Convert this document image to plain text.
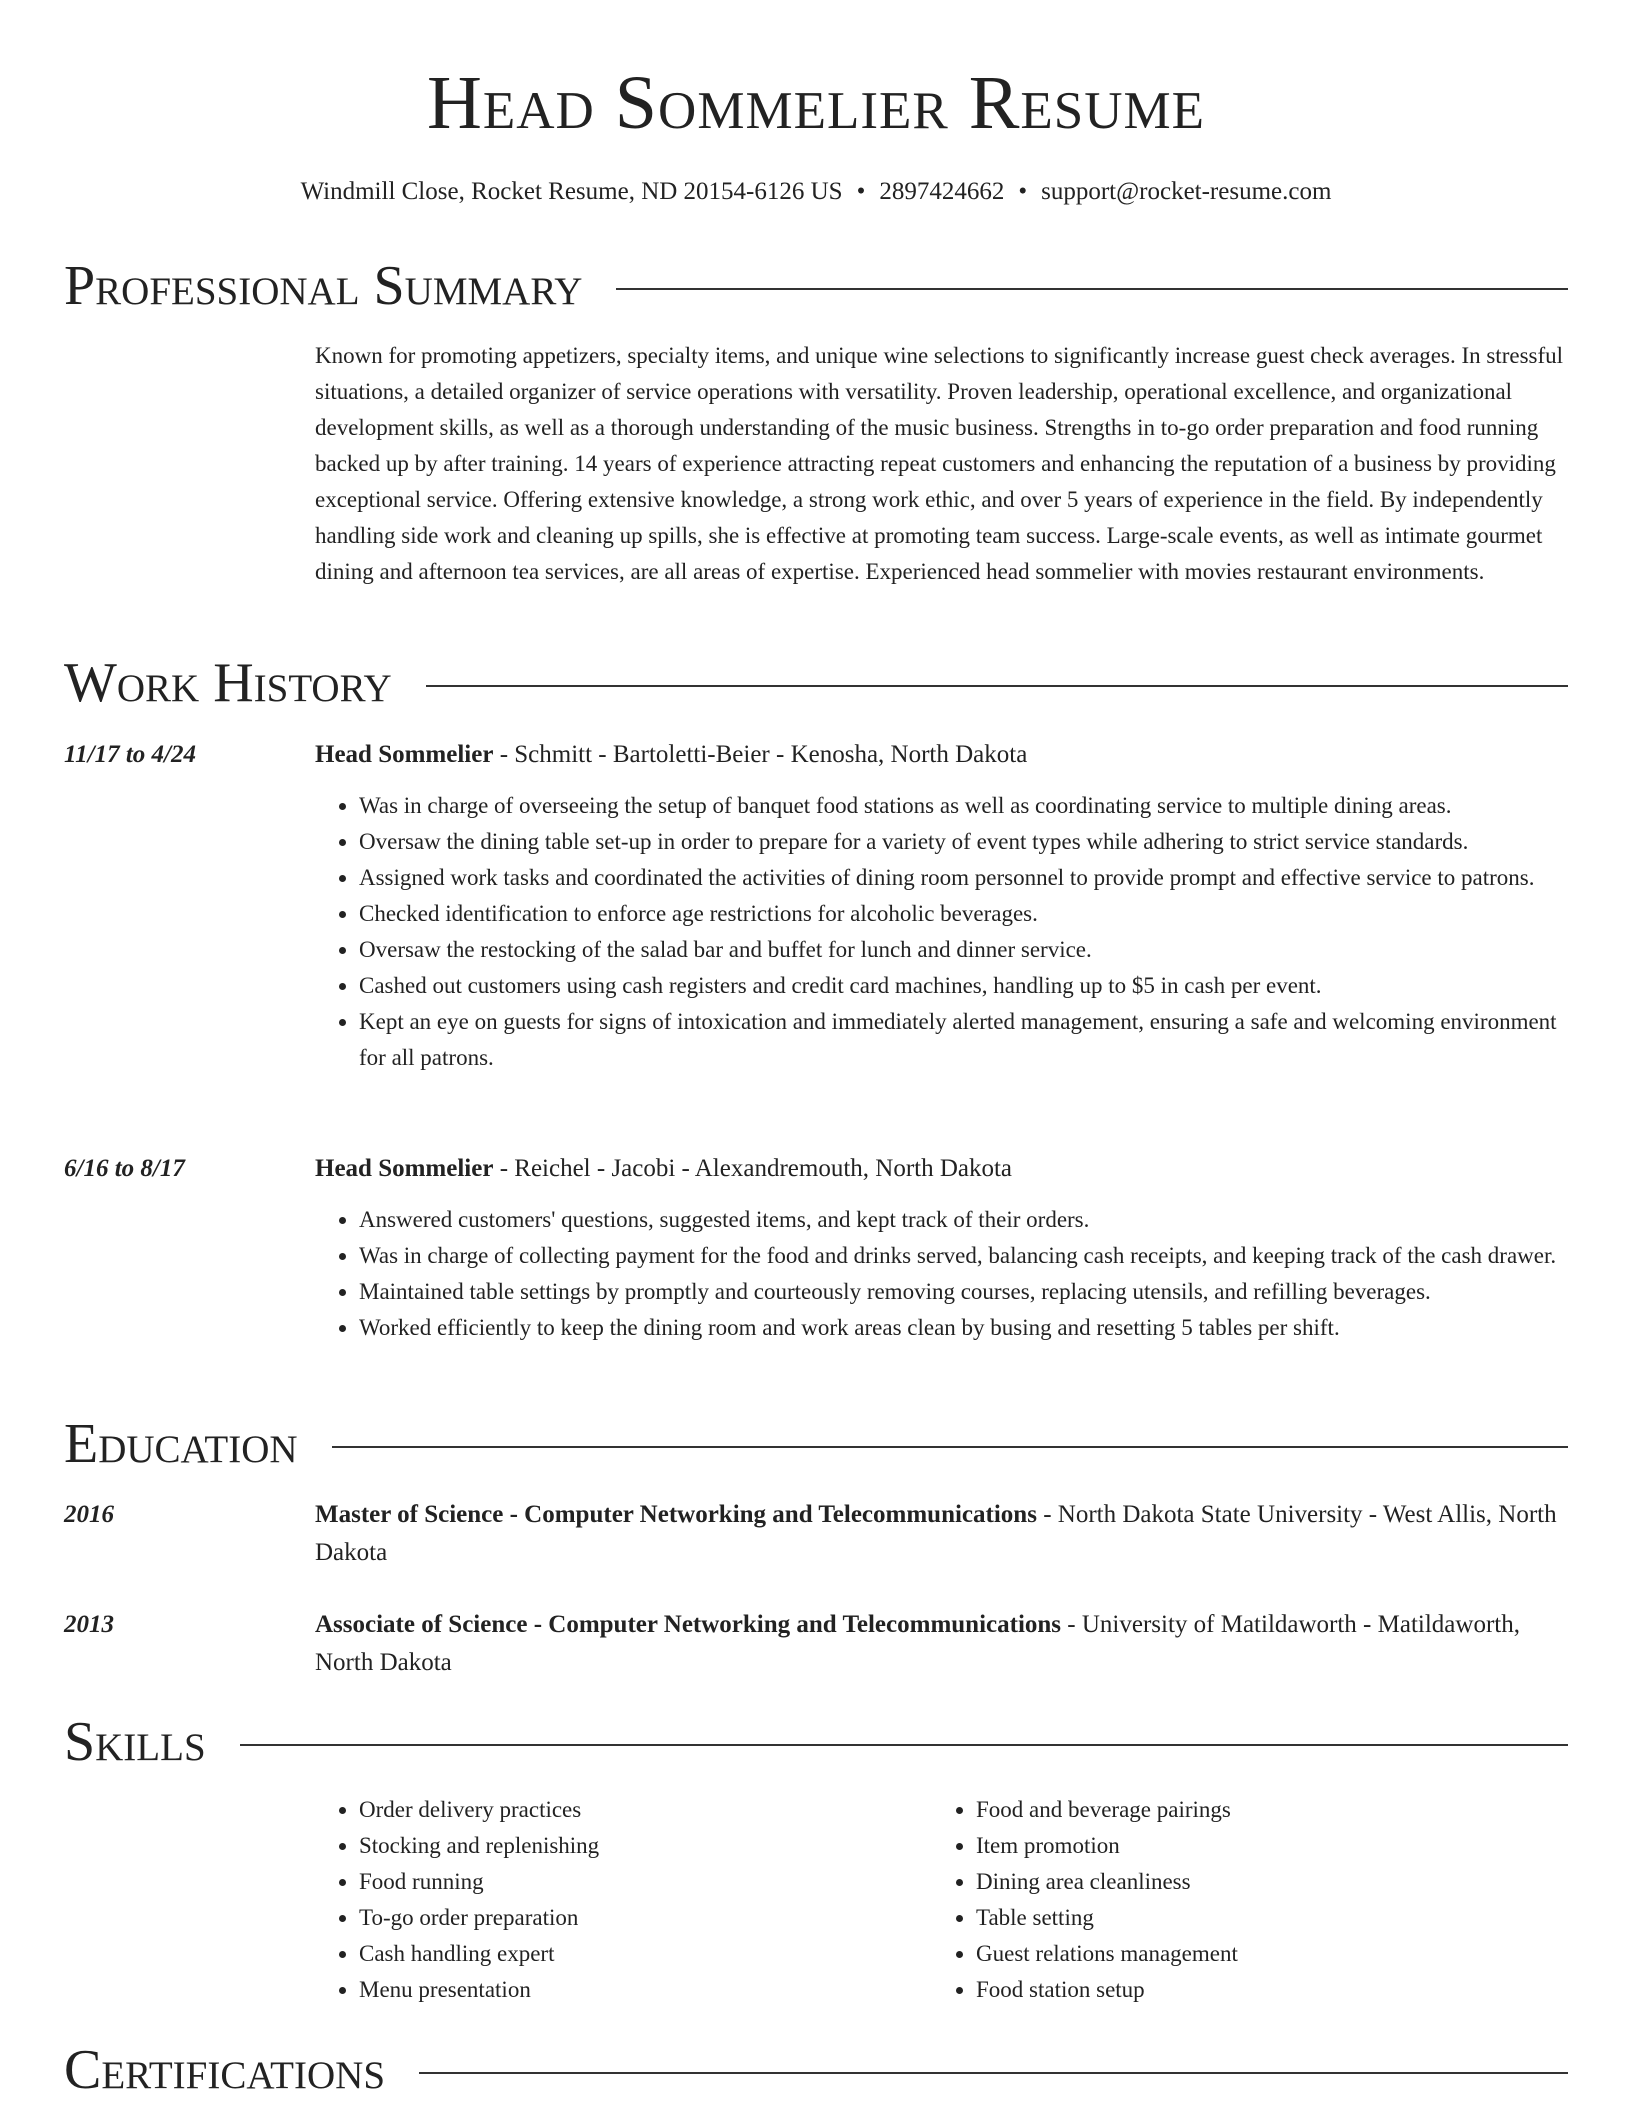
Head Sommelier Resume
Windmill Close, Rocket Resume, ND 20154-6126 US • 2897424662 • support@rocket-resume.com
Professional Summary

Known for promoting appetizers, specialty items, and unique wine selections to significantly increase guest check averages. In stressful situations, a detailed organizer of service operations with versatility. Proven leadership, operational excellence, and organizational development skills, as well as a thorough understanding of the music business. Strengths in to-go order preparation and food running backed up by after training. 14 years of experience attracting repeat customers and enhancing the reputation of a business by providing exceptional service. Offering extensive knowledge, a strong work ethic, and over 5 years of experience in the field. By independently handling side work and cleaning up spills, she is effective at promoting team success. Large-scale events, as well as intimate gourmet dining and afternoon tea services, are all areas of expertise. Experienced head sommelier with movies restaurant environments.

Work History
11/17 to 4/24	Head Sommelier - Schmitt - Bartoletti-Beier - Kenosha, North Dakota
• Was in charge of overseeing the setup of banquet food stations as well as coordinating service to multiple dining areas.
• Oversaw the dining table set-up in order to prepare for a variety of event types while adhering to strict service standards.
• Assigned work tasks and coordinated the activities of dining room personnel to provide prompt and effective service to patrons.
• Checked identification to enforce age restrictions for alcoholic beverages.
• Oversaw the restocking of the salad bar and buffet for lunch and dinner service.
• Cashed out customers using cash registers and credit card machines, handling up to $5 in cash per event.
• Kept an eye on guests for signs of intoxication and immediately alerted management, ensuring a safe and welcoming environment for all patrons.
6/16 to 8/17	Head Sommelier - Reichel - Jacobi - Alexandremouth, North Dakota
• Answered customers' questions, suggested items, and kept track of their orders.
• Was in charge of collecting payment for the food and drinks served, balancing cash receipts, and keeping track of the cash drawer.
• Maintained table settings by promptly and courteously removing courses, replacing utensils, and refilling beverages.
• Worked efficiently to keep the dining room and work areas clean by busing and resetting 5 tables per shift.
Education
2016	Master of Science - Computer Networking and Telecommunications - North Dakota State University - West Allis, North Dakota
2013	Associate of Science - Computer Networking and Telecommunications - University of Matildaworth - Matildaworth, North Dakota
Skills
• Order delivery practices
• Stocking and replenishing
• Food running
• To-go order preparation
• Cash handling expert
• Menu presentation
• Food and beverage pairings
• Item promotion
• Dining area cleanliness
• Table setting
• Guest relations management
• Food station setup
Certifications
